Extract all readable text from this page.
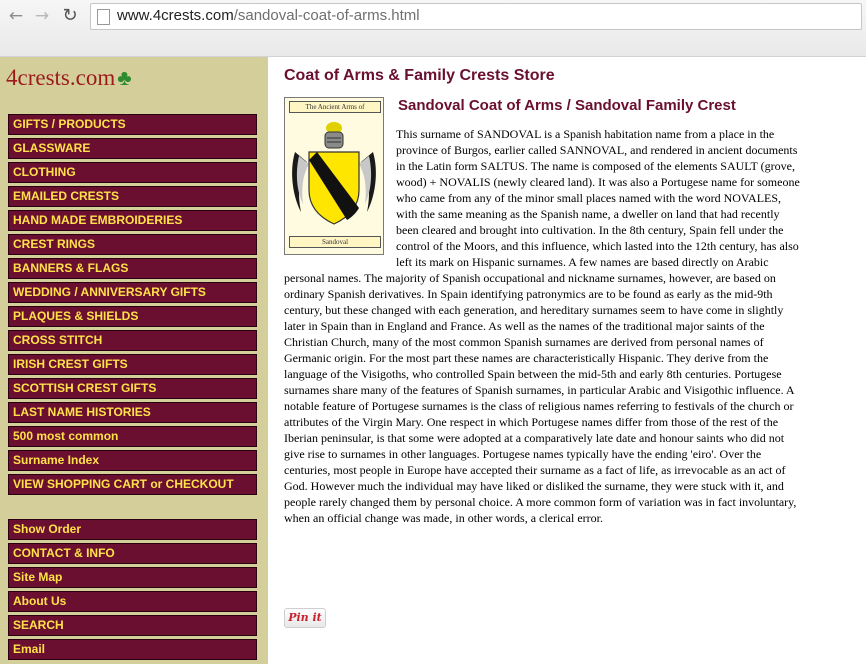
← → ↻	www.4crests.com/sandoval-coat-of-arms.html
4crests.com♣
GIFTS / PRODUCTS
GLASSWARE
CLOTHING
EMAILED CRESTS
HAND MADE EMBROIDERIES
CREST RINGS
BANNERS & FLAGS
WEDDING / ANNIVERSARY GIFTS
PLAQUES & SHIELDS
CROSS STITCH
IRISH CREST GIFTS
SCOTTISH CREST GIFTS
LAST NAME HISTORIES
500 most common
Surname Index
VIEW SHOPPING CART or CHECKOUT
Show Order
CONTACT & INFO
Site Map
About Us
SEARCH
Email
Coat of Arms & Family Crests Store
The Ancient Arms of
Sandoval
Sandoval Coat of Arms / Sandoval Family Crest
This surname of SANDOVAL is a Spanish habitation name from a place in the province of Burgos, earlier called SANNOVAL, and rendered in ancient documents in the Latin form SALTUS. The name is composed of the elements SAULT (grove, wood) + NOVALIS (newly cleared land). It was also a Portugese name for someone who came from any of the minor small places named with the word NOVALES, with the same meaning as the Spanish name, a dweller on land that had recently been cleared and brought into cultivation. In the 8th century, Spain fell under the control of the Moors, and this influence, which lasted into the 12th century, has also left its mark on Hispanic surnames. A few names are based directly on Arabic personal names. The majority of Spanish occupational and nickname surnames, however, are based on ordinary Spanish derivatives. In Spain identifying patronymics are to be found as early as the mid-9th century, but these changed with each generation, and hereditary surnames seem to have come in slightly later in Spain than in England and France. As well as the names of the traditional major saints of the Christian Church, many of the most common Spanish surnames are derived from personal names of Germanic origin. For the most part these names are characteristically Hispanic. They derive from the language of the Visigoths, who controlled Spain between the mid-5th and early 8th centuries. Portugese surnames share many of the features of Spanish surnames, in particular Arabic and Visigothic influence. A notable feature of Portugese surnames is the class of religious names referring to festivals of the church or attributes of the Virgin Mary. One respect in which Portugese names differ from those of the rest of the Iberian peninsular, is that some were adopted at a comparatively late date and honour saints who did not give rise to surnames in other languages. Portugese names typically have the ending 'eiro'. Over the centuries, most people in Europe have accepted their surname as a fact of life, as irrevocable as an act of God. However much the individual may have liked or disliked the surname, they were stuck with it, and people rarely changed them by personal choice. A more common form of variation was in fact involuntary, when an official change was made, in other words, a clerical error.
Pin it
